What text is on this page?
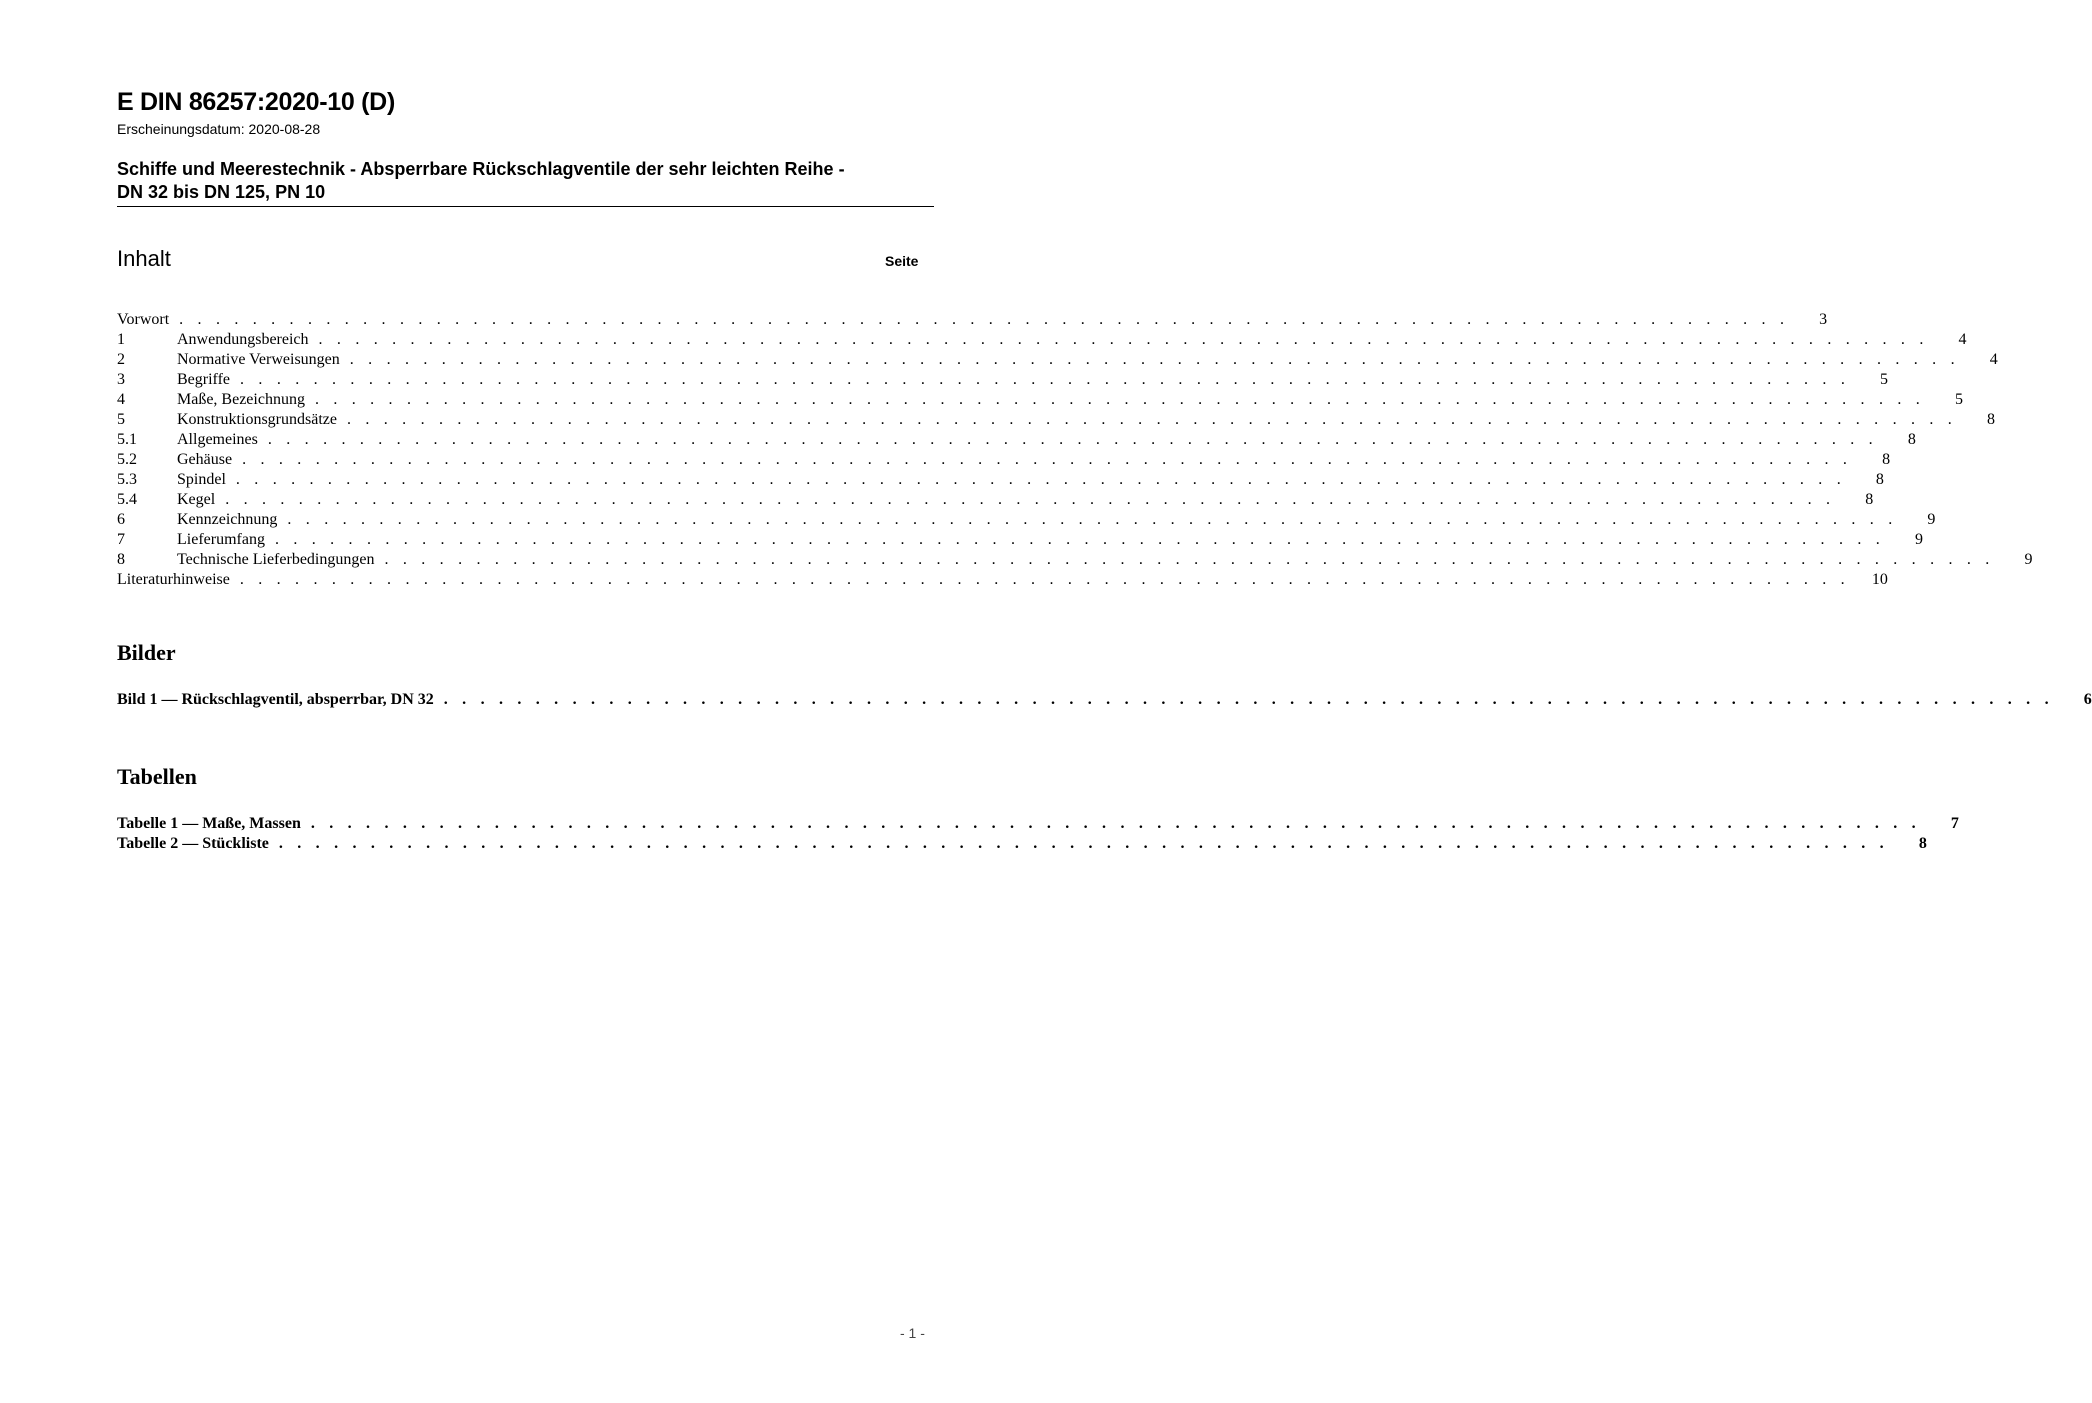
E DIN 86257:2020-10 (D)
Erscheinungsdatum: 2020-08-28
Schiffe und Meerestechnik - Absperrbare Rückschlagventile der sehr leichten Reihe -
DN 32 bis DN 125, PN 10
Inhalt	Seite
Vorwort . . . . . . . . . . . . . . . . . . . . . . . . . . . . . . . . . . . . . . . . . . . . . . . . . . . . . . . . . . . . . . . . . . . . . . . . . . . . . . . . . . . . . . . .	3
1	Anwendungsbereich . . . . . . . . . . . . . . . . . . . . . . . . . . . . . . . . . . . . . . . . . . . . . . . . . . . . . . . . . . . . . . . . . . . . . . . . . . . . . . . . . . . . . . . .	4
2	Normative Verweisungen . . . . . . . . . . . . . . . . . . . . . . . . . . . . . . . . . . . . . . . . . . . . . . . . . . . . . . . . . . . . . . . . . . . . . . . . . . . . . . . . . . . . . . . .	4
3	Begriffe . . . . . . . . . . . . . . . . . . . . . . . . . . . . . . . . . . . . . . . . . . . . . . . . . . . . . . . . . . . . . . . . . . . . . . . . . . . . . . . . . . . . . . . .	5
4	Maße, Bezeichnung . . . . . . . . . . . . . . . . . . . . . . . . . . . . . . . . . . . . . . . . . . . . . . . . . . . . . . . . . . . . . . . . . . . . . . . . . . . . . . . . . . . . . . . .	5
5	Konstruktionsgrundsätze . . . . . . . . . . . . . . . . . . . . . . . . . . . . . . . . . . . . . . . . . . . . . . . . . . . . . . . . . . . . . . . . . . . . . . . . . . . . . . . . . . . . . . . .	8
5.1	Allgemeines . . . . . . . . . . . . . . . . . . . . . . . . . . . . . . . . . . . . . . . . . . . . . . . . . . . . . . . . . . . . . . . . . . . . . . . . . . . . . . . . . . . . . . . .	8
5.2	Gehäuse . . . . . . . . . . . . . . . . . . . . . . . . . . . . . . . . . . . . . . . . . . . . . . . . . . . . . . . . . . . . . . . . . . . . . . . . . . . . . . . . . . . . . . . .	8
5.3	Spindel . . . . . . . . . . . . . . . . . . . . . . . . . . . . . . . . . . . . . . . . . . . . . . . . . . . . . . . . . . . . . . . . . . . . . . . . . . . . . . . . . . . . . . . .	8
5.4	Kegel . . . . . . . . . . . . . . . . . . . . . . . . . . . . . . . . . . . . . . . . . . . . . . . . . . . . . . . . . . . . . . . . . . . . . . . . . . . . . . . . . . . . . . . .	8
6	Kennzeichnung . . . . . . . . . . . . . . . . . . . . . . . . . . . . . . . . . . . . . . . . . . . . . . . . . . . . . . . . . . . . . . . . . . . . . . . . . . . . . . . . . . . . . . . .	9
7	Lieferumfang . . . . . . . . . . . . . . . . . . . . . . . . . . . . . . . . . . . . . . . . . . . . . . . . . . . . . . . . . . . . . . . . . . . . . . . . . . . . . . . . . . . . . . . .	9
8	Technische Lieferbedingungen . . . . . . . . . . . . . . . . . . . . . . . . . . . . . . . . . . . . . . . . . . . . . . . . . . . . . . . . . . . . . . . . . . . . . . . . . . . . . . . . . . . . . . . .	9
Literaturhinweise . . . . . . . . . . . . . . . . . . . . . . . . . . . . . . . . . . . . . . . . . . . . . . . . . . . . . . . . . . . . . . . . . . . . . . . . . . . . . . . . . . . . . . . .	10
Bilder
Bild 1 — Rückschlagventil, absperrbar, DN 32 . . . . . . . . . . . . . . . . . . . . . . . . . . . . . . . . . . . . . . . . . . . . . . . . . . . . . . . . . . . . . . . . . . . . . . . . . . . . . . . . . . . . . . . .	6
Tabellen
Tabelle 1 — Maße, Massen . . . . . . . . . . . . . . . . . . . . . . . . . . . . . . . . . . . . . . . . . . . . . . . . . . . . . . . . . . . . . . . . . . . . . . . . . . . . . . . . . . . . . . . .	7
Tabelle 2 — Stückliste . . . . . . . . . . . . . . . . . . . . . . . . . . . . . . . . . . . . . . . . . . . . . . . . . . . . . . . . . . . . . . . . . . . . . . . . . . . . . . . . . . . . . . . .	8
- 1 -
